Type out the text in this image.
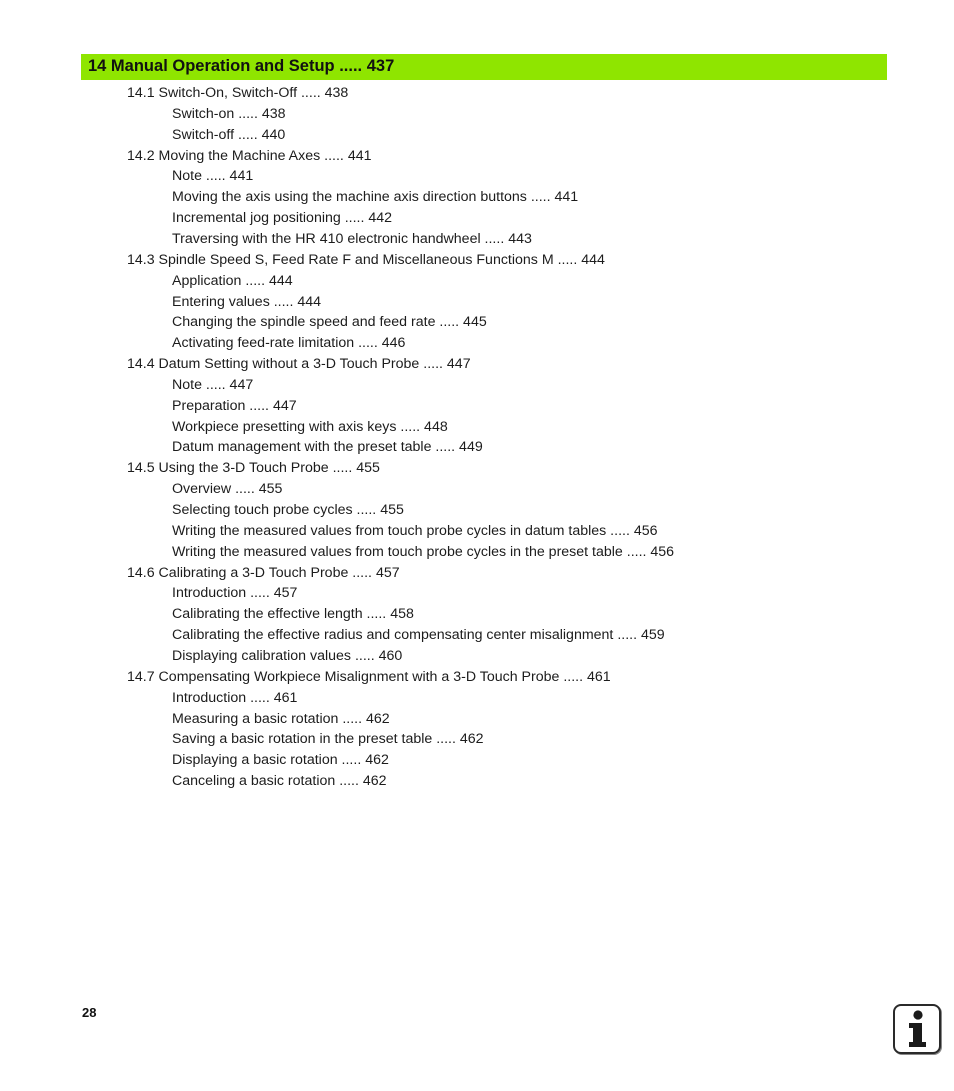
14 Manual Operation and Setup ..... 437
14.1 Switch-On, Switch-Off ..... 438
Switch-on ..... 438
Switch-off ..... 440
14.2 Moving the Machine Axes ..... 441
Note ..... 441
Moving the axis using the machine axis direction buttons ..... 441
Incremental jog positioning ..... 442
Traversing with the HR 410 electronic handwheel ..... 443
14.3 Spindle Speed S, Feed Rate F and Miscellaneous Functions M ..... 444
Application ..... 444
Entering values ..... 444
Changing the spindle speed and feed rate ..... 445
Activating feed-rate limitation ..... 446
14.4 Datum Setting without a 3-D Touch Probe ..... 447
Note ..... 447
Preparation ..... 447
Workpiece presetting with axis keys ..... 448
Datum management with the preset table ..... 449
14.5 Using the 3-D Touch Probe ..... 455
Overview ..... 455
Selecting touch probe cycles ..... 455
Writing the measured values from touch probe cycles in datum tables ..... 456
Writing the measured values from touch probe cycles in the preset table ..... 456
14.6 Calibrating a 3-D Touch Probe ..... 457
Introduction ..... 457
Calibrating the effective length ..... 458
Calibrating the effective radius and compensating center misalignment ..... 459
Displaying calibration values ..... 460
14.7 Compensating Workpiece Misalignment with a 3-D Touch Probe ..... 461
Introduction ..... 461
Measuring a basic rotation ..... 462
Saving a basic rotation in the preset table ..... 462
Displaying a basic rotation ..... 462
Canceling a basic rotation ..... 462
28
